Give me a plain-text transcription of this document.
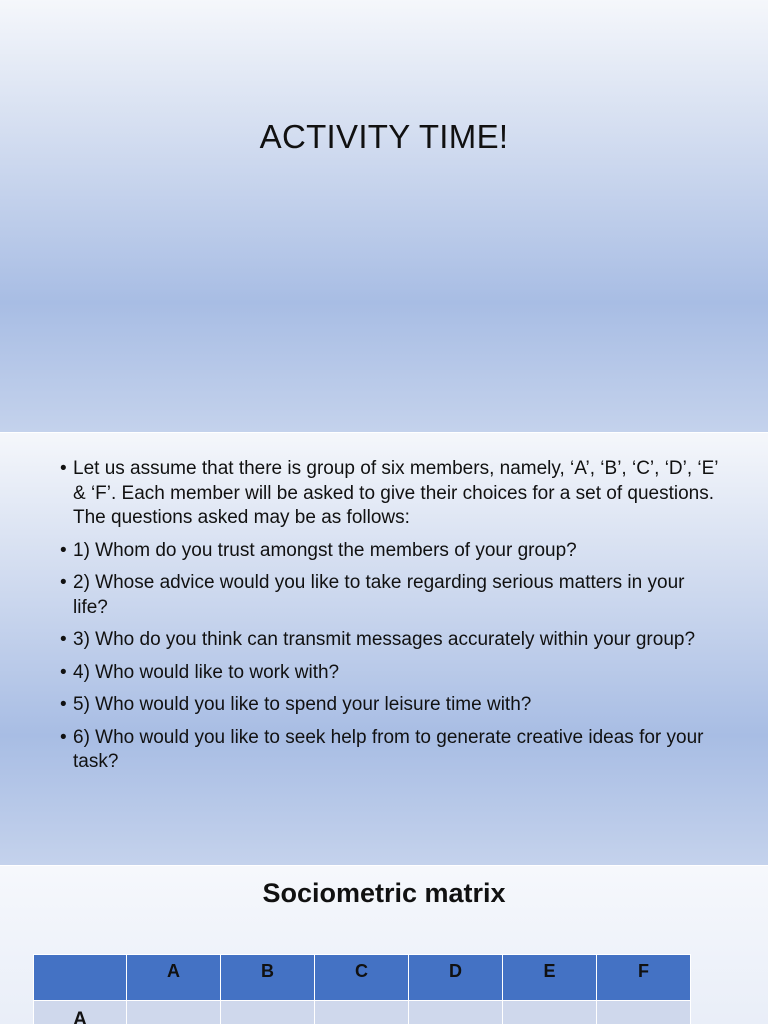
ACTIVITY TIME!
• Let us assume that there is group of six members, namely, ‘A’, ‘B’, ‘C’, ‘D’, ‘E’ & ‘F’. Each member will be asked to give their choices for a set of questions. The questions asked may be as follows:
• 1) Whom do you trust amongst the members of your group?
• 2) Whose advice would you like to take regarding serious matters in your life?
• 3) Who do you think can transmit messages accurately within your group?
• 4) Who would like to work with?
• 5) Who would you like to spend your leisure time with?
• 6) Who would you like to seek help from to generate creative ideas for your task?
Sociometric matrix
	A	B	C	D	E	F
A						
